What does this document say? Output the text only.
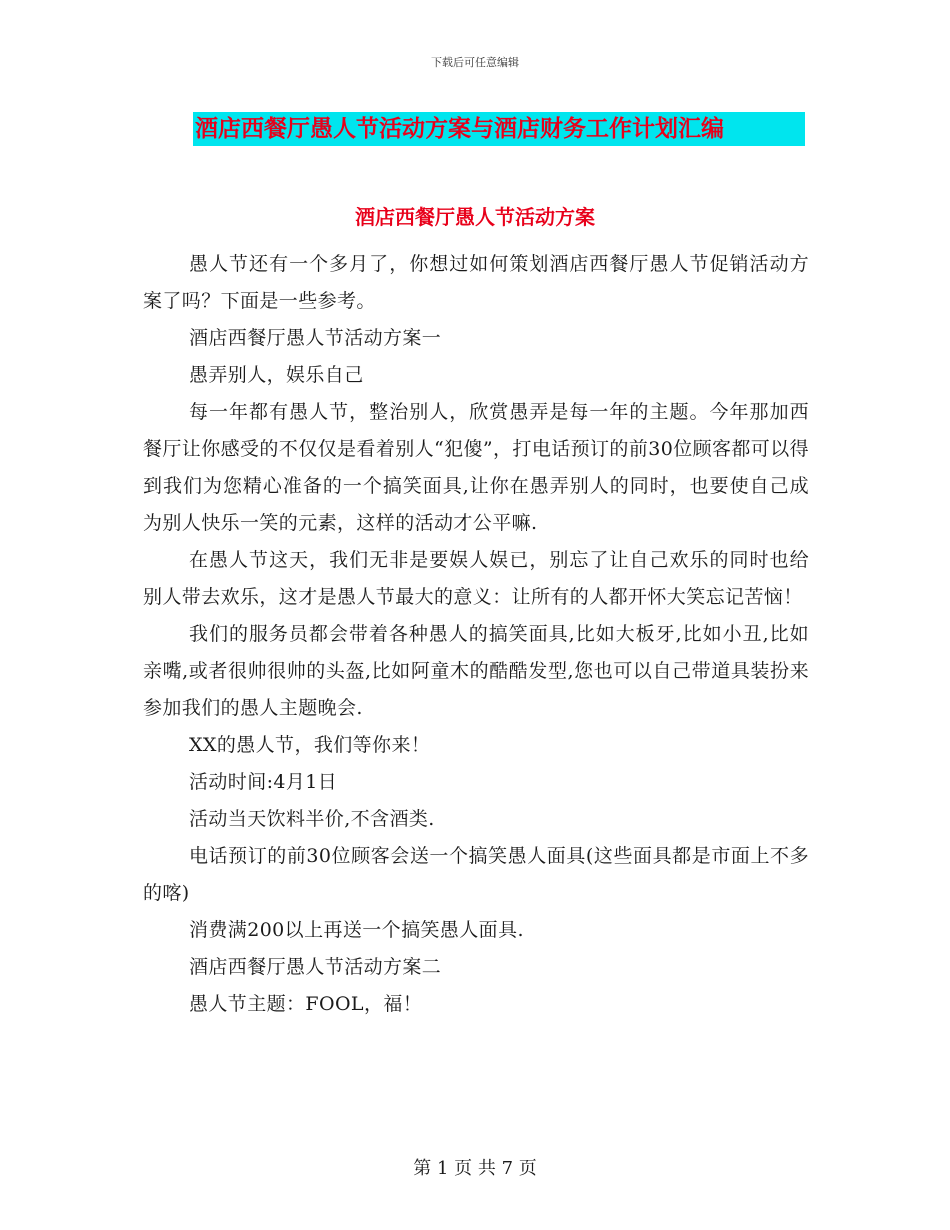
下载后可任意编辑
酒店西餐厅愚人节活动方案与酒店财务工作计划汇编
酒店西餐厅愚人节活动方案

愚人节还有一个多月了，你想过如何策划酒店西餐厅愚人节促销活动方案了吗？下面是一些参考。

酒店西餐厅愚人节活动方案一

愚弄别人，娱乐自己

每一年都有愚人节，整治别人，欣赏愚弄是每一年的主题。今年那加西餐厅让你感受的不仅仅是看着别人“犯傻”，打电话预订的前30位顾客都可以得到我们为您精心准备的一个搞笑面具,让你在愚弄别人的同时，也要使自己成为别人快乐一笑的元素，这样的活动才公平嘛.

在愚人节这天，我们无非是要娱人娱已，别忘了让自己欢乐的同时也给别人带去欢乐，这才是愚人节最大的意义：让所有的人都开怀大笑忘记苦恼！

我们的服务员都会带着各种愚人的搞笑面具,比如大板牙,比如小丑,比如亲嘴,或者很帅很帅的头盔,比如阿童木的酷酷发型,您也可以自己带道具装扮来参加我们的愚人主题晚会.

XX的愚人节，我们等你来！

活动时间:4月1日

活动当天饮料半价,不含酒类.

电话预订的前30位顾客会送一个搞笑愚人面具(这些面具都是市面上不多的喀)

消费满200以上再送一个搞笑愚人面具.

酒店西餐厅愚人节活动方案二

愚人节主题：FOOL，福！

第 1 页 共 7 页
